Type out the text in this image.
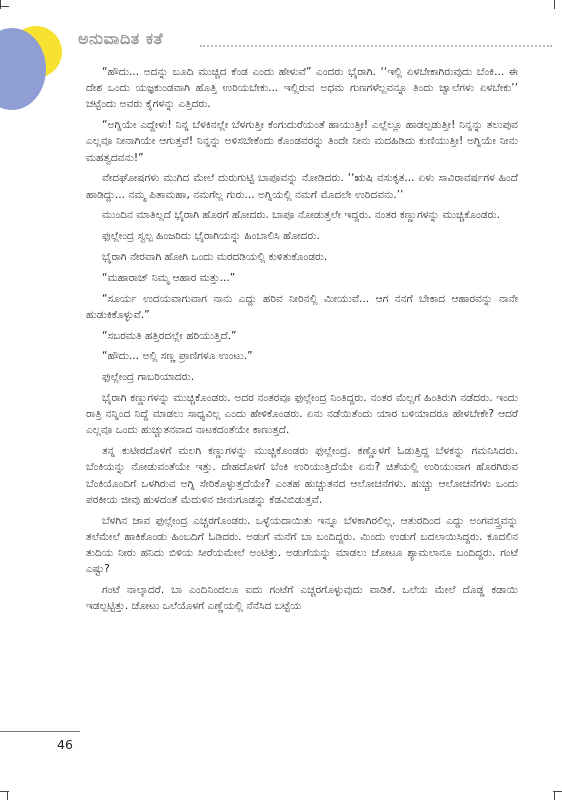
ಅನುವಾದಿತ ಕತೆ

“ಹೌದು... ಅದನ್ನು ಬೂದಿ ಮುಚ್ಚಿದ ಕೆಂಡ ಎಂದು ಹೇಳುವೆ” ಎಂದರು ಭೈರಾಗಿ. ‘‘ಇಲ್ಲಿ ಏಳಬೇಕಾಗಿರುವುದು ಬೆಂಕಿ... ಈ ದೇಶ ಒಂದು ಯಜ್ಞಕುಂಡವಾಗಿ ಹೊತ್ತಿ ಉರಿಯಬೇಕು... ಇಲ್ಲಿರುವ ಅಧಮ ಗುಣಗಳೆಲ್ಲವನ್ನೂ ತಿಂದು ಜ್ವಾಲೆಗಳು ಏಳಬೇಕು’’ ಚಟ್ಟೆಂದು ಅವರು ಕೈಗಳನ್ನು ಎತ್ತಿದರು.

“ಅಗ್ನಿಯೇ ಎದ್ದೇಳು! ನಿನ್ನ ಬೆಳಕಿನಲ್ಲೇ ಬೆಳಗುತ್ತೀ ಕೆಂಗುದುರೆಯಂತೆ ಹಾಯುತ್ತೀ! ಎಲ್ಲೆಲ್ಲೂ ಹಾಡಲ್ಪಡುತ್ತೀ! ನಿನ್ನನ್ನು ತಲುಪುವ ಎಲ್ಲವೂ ನೀನಾಗಿಯೇ ಆಗುತ್ತವೆ! ನಿನ್ನನ್ನು ಅಳಿಸಬೇಕೆಂದು ಕೊಂಡವರನ್ನು ತಿಂದೇ ನೀನು ಮದಹಿಡಿದು ಕುಣಿಯುತ್ತೀ! ಅಗ್ನಿಯೇ ನೀನು ಮಹತ್ವದವನು!”

ವೇದಘೋಷಗಳು ಮುಗಿದ ಮೇಲೆ ದುರುಗುಟ್ಟಿ ಬಾಪೂವನ್ನು ನೋಡಿದರು. ‘‘ಋಷಿ ವಸುಕೃತ... ಏಳು ಸಾವಿರಾವರ್ಷಗಳ ಹಿಂದೆ ಹಾಡಿದ್ದು... ನಮ್ಮ ಪಿತಾಮಹಾ, ನಮಗೆಲ್ಲ ಗುರು... ಅಗ್ನಿಯಲ್ಲಿ ನಮಗೆ ಮೊದಲೇ ಉರಿದವನು.’’

ಮುಂದಿನ ಮಾತಿಲ್ಲದೆ ಭೈರಾಗಿ ಹೊರಗೆ ಹೋದರು. ಬಾಪೂ ನೋಡುತ್ತಲೇ ಇದ್ದರು. ನಂತರ ಕಣ್ಣುಗಳನ್ನು ಮುಚ್ಚಿಕೊಂಡರು.

ಫುಲ್ಲೇಂದ್ರ ಸ್ವಲ್ಪ ಹಿಂಜರಿದು ಭೈರಾಗಿಯನ್ನು ಹಿಂಬಾಲಿಸಿ ಹೋದರು.

ಭೈರಾಗಿ ನೇರವಾಗಿ ಹೋಗಿ ಒಂದು ಮರದಡಿಯಲ್ಲಿ ಕುಳಿತುಕೊಂಡರು.

“ಮಹಾರಾಜ್ ನಿಮ್ಮ ಆಹಾರ ಮತ್ತು...”

“ಸೂರ್ಯ ಉದಯವಾಗುವಾಗ ನಾನು ಎದ್ದು ಹರಿವ ನೀರಿನಲ್ಲಿ ಮೀಯುವೆ... ಆಗ ನನಗೆ ಬೇಕಾದ ಆಹಾರವನ್ನು ನಾನೇ ಹುಡುಕಿಕೊಳ್ಳುವೆ.”

“ಸಬರಮತಿ ಹತ್ತಿರದಲ್ಲೇ ಹರಿಯುತ್ತಿದೆ.”

“ಹೌದು... ಅಲ್ಲಿ ಸಣ್ಣ ಪ್ರಾಣಿಗಳೂ ಉಂಟು.”

ಫುಲ್ಲೇಂದ್ರ ಗಾಬರಿಯಾದರು.

ಭೈರಾಗಿ ಕಣ್ಣುಗಳನ್ನು ಮುಚ್ಚಿಕೊಂಡರು. ಅದರ ನಂತರವೂ ಫುಲ್ಲೇಂದ್ರ ನಿಂತಿದ್ದರು. ನಂತರ ಮೆಲ್ಲಗೆ ಹಿಂತಿರುಗಿ ನಡೆದರು. ಇಂದು ರಾತ್ರಿ ನನ್ನಿಂದ ನಿದ್ದೆ ಮಾಡಲು ಸಾಧ್ಯವಿಲ್ಲ ಎಂದು ಹೇಳಿಕೊಂಡರು. ಏನು ನಡೆಯಿತೆಂದು ಯಾರ ಬಳಿಯಾದರೂ ಹೇಳಬೇಕೇ? ಆದರೆ ಎಲ್ಲವೂ ಒಂದು ಹುಚ್ಚುತನವಾದ ನಾಟಕದಂತೆಯೇ ಕಾಣುತ್ತದೆ.

ತನ್ನ ಕುಟೀರದೊಳಗೆ ಮಲಗಿ ಕಣ್ಣುಗಳನ್ನು ಮುಚ್ಚಿಕೊಂಡರು ಫುಲ್ಲೇಂದ್ರ. ಕಣ್ಣೊಳಗೆ ಓಡುತ್ತಿದ್ದ ಬೆಳಕನ್ನು ಗಮನಿಸಿದರು. ಬೆಂಕಿಯನ್ನು ನೋಡುವಂತೆಯೇ ಇತ್ತು. ದೇಹದೊಳಗೆ ಬೆಂಕಿ ಉರಿಯುತ್ತಿದೆಯೇ ಏನು? ಚಿತೆಯಲ್ಲಿ ಉರಿಯುವಾಗ ಹೊರಗಿರುವ ಬೆಂಕಿಯೊಂದಿಗೆ ಒಳಗಿರುವ ಅಗ್ನಿ ಸೇರಿಕೊಳ್ಳುತ್ತದೆಯೇ? ಎಂತಹ ಹುಚ್ಚುತನದ ಆಲೋಚನೆಗಳು. ಹುಚ್ಚು ಆಲೋಚನೆಗಳು ಒಂದು ಪರಕೀಯ ಜೀವು ಹುಳದಂತೆ ಮೆದುಳಿನ ಜೀನುಗೂಡನ್ನು ಕೆಡವಿಬಿಡುತ್ತವೆ.

ಬೆಳಗಿನ ಜಾವ ಫುಲ್ಲೇಂದ್ರ ಎಚ್ಚರಗೊಂಡರು. ಒಳ್ಳೆಯದಾಯಿತು ಇನ್ನೂ ಬೆಳಕಾಗಿರಲಿಲ್ಲ. ಆತುರದಿಂದ ಎದ್ದು ಅಂಗವಸ್ತ್ರವನ್ನು ತಲೆಮೇಲೆ ಹಾಕಿಕೊಂಡು ಹಿಂಬದಿಗೆ ಓಡಿದರು. ಅಡುಗೆ ಮನೆಗೆ ಬಾ ಬಂದಿದ್ದರು. ಮಿಂದು ಉಡುಗೆ ಬದಲಾಯಿಸಿದ್ದರು. ಕೂದಲಿನ ತುದಿಯ ನೀರು ಹನಿದು ಬಿಳಿಯ ಸೀರೆಯಮೇಲೆ ಅಂಟಿತ್ತು. ಅಡುಗೆಯನ್ನು ಮಾಡಲು ಚೋಟೂ ಶ್ಯಾಮಲಾನೂ ಬಂದಿದ್ದರು. ಗಂಟೆ ಎಷ್ಟು?

ಗಂಟೆ ನಾಲ್ಕಾದರೆ. ಬಾ ಎಂದಿನಿಂದಲೂ ಐದು ಗಂಟೆಗೆ ಎಚ್ಚರಗೊಳ್ಳುವುದು ವಾಡಿಕೆ. ಒಲೆಯ ಮೇಲೆ ದೊಡ್ಡ ಕಡಾಯಿ ಇಡಲ್ಪಟ್ಟಿತ್ತು. ಚೋಟು ಒಲೆಯೊಳಗೆ ಎಣ್ಣೆಯಲ್ಲಿ ನೆನೆಸಿದ ಬಟ್ಟೆಯ

46
